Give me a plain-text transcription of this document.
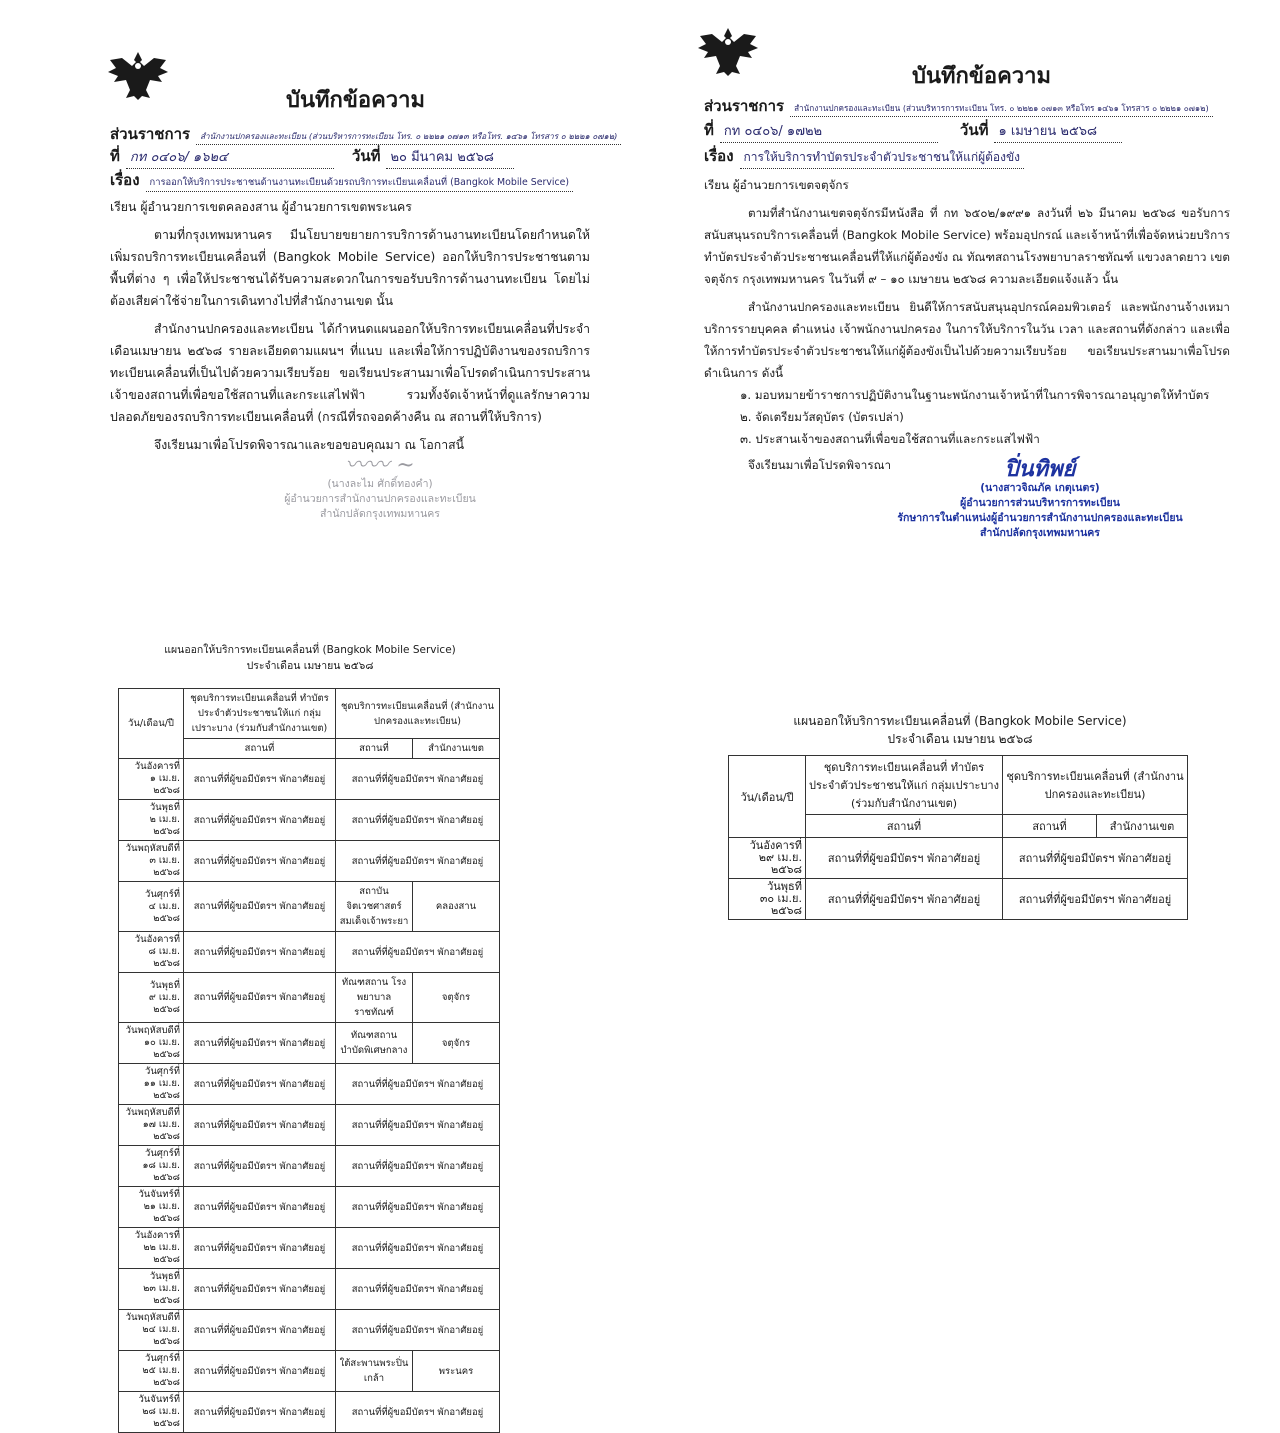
บันทึกข้อความ
ส่วนราชการ	สำนักงานปกครองและทะเบียน (ส่วนบริหารการทะเบียน โทร. ๐ ๒๒๒๑ ๐๗๑๓ หรือโทร. ๑๔๖๑ โทรสาร ๐ ๒๒๒๑ ๐๗๑๒)
ที่ กท ๐๔๐๖/ ๑๖๒๔	วันที่ ๒๐ มีนาคม ๒๕๖๘
เรื่อง	การออกให้บริการประชาชนด้านงานทะเบียนด้วยรถบริการทะเบียนเคลื่อนที่ (Bangkok Mobile Service)

เรียน ผู้อำนวยการเขตคลองสาน ผู้อำนวยการเขตพระนคร

ตามที่กรุงเทพมหานคร มีนโยบายขยายการบริการด้านงานทะเบียนโดยกำหนดให้เพิ่มรถบริการทะเบียนเคลื่อนที่ (Bangkok Mobile Service) ออกให้บริการประชาชนตามพื้นที่ต่าง ๆ เพื่อให้ประชาชนได้รับความสะดวกในการขอรับบริการด้านงานทะเบียน โดยไม่ต้องเสียค่าใช้จ่ายในการเดินทางไปที่สำนักงานเขต นั้น

สำนักงานปกครองและทะเบียน ได้กำหนดแผนออกให้บริการทะเบียนเคลื่อนที่ประจำเดือนเมษายน ๒๕๖๘ รายละเอียดตามแผนฯ ที่แนบ และเพื่อให้การปฏิบัติงานของรถบริการทะเบียนเคลื่อนที่เป็นไปด้วยความเรียบร้อย ขอเรียนประสานมาเพื่อโปรดดำเนินการประสานเจ้าของสถานที่เพื่อขอใช้สถานที่และกระแสไฟฟ้า รวมทั้งจัดเจ้าหน้าที่ดูแลรักษาความปลอดภัยของรถบริการทะเบียนเคลื่อนที่ (กรณีที่รถจอดค้างคืน ณ สถานที่ให้บริการ)

จึงเรียนมาเพื่อโปรดพิจารณาและขอขอบคุณมา ณ โอกาสนี้

〰〰 ~
(นางละไม ศักดิ์ทองคำ)
ผู้อำนวยการสำนักงานปกครองและทะเบียน
สำนักปลัดกรุงเทพมหานคร
บันทึกข้อความ
ส่วนราชการ	สำนักงานปกครองและทะเบียน (ส่วนบริหารการทะเบียน โทร. ๐ ๒๒๒๑ ๐๗๑๓ หรือโทร ๑๔๖๑ โทรสาร ๐ ๒๒๒๑ ๐๗๑๒)
ที่ กท ๐๔๐๖/ ๑๗๒๒	วันที่ ๑ เมษายน ๒๕๖๘
เรื่อง การให้บริการทำบัตรประจำตัวประชาชนให้แก่ผู้ต้องขัง

เรียน ผู้อำนวยการเขตจตุจักร

ตามที่สำนักงานเขตจตุจักรมีหนังสือ ที่ กท ๖๕๐๒/๑๙๙๑ ลงวันที่ ๒๖ มีนาคม ๒๕๖๘ ขอรับการสนับสนุนรถบริการเคลื่อนที่ (Bangkok Mobile Service) พร้อมอุปกรณ์ และเจ้าหน้าที่เพื่อจัดหน่วยบริการทำบัตรประจำตัวประชาชนเคลื่อนที่ให้แก่ผู้ต้องขัง ณ ทัณฑสถานโรงพยาบาลราชทัณฑ์ แขวงลาดยาว เขตจตุจักร กรุงเทพมหานคร ในวันที่ ๙ – ๑๐ เมษายน ๒๕๖๘ ความละเอียดแจ้งแล้ว นั้น

สำนักงานปกครองและทะเบียน ยินดีให้การสนับสนุนอุปกรณ์คอมพิวเตอร์ และพนักงานจ้างเหมาบริการรายบุคคล ตำแหน่ง เจ้าพนักงานปกครอง ในการให้บริการในวัน เวลา และสถานที่ดังกล่าว และเพื่อให้การทำบัตรประจำตัวประชาชนให้แก่ผู้ต้องขังเป็นไปด้วยความเรียบร้อย ขอเรียนประสานมาเพื่อโปรดดำเนินการ ดังนี้

๑. มอบหมายข้าราชการปฏิบัติงานในฐานะพนักงานเจ้าหน้าที่ในการพิจารณาอนุญาตให้ทำบัตร
๒. จัดเตรียมวัสดุบัตร (บัตรเปล่า)
๓. ประสานเจ้าของสถานที่เพื่อขอใช้สถานที่และกระแสไฟฟ้า

จึงเรียนมาเพื่อโปรดพิจารณา	ปิ่นทิพย์
(นางสาวจิณภัค เกตุเนตร)
ผู้อำนวยการส่วนบริหารการทะเบียน
รักษาการในตำแหน่งผู้อำนวยการสำนักงานปกครองและทะเบียน
สำนักปลัดกรุงเทพมหานคร
แผนออกให้บริการทะเบียนเคลื่อนที่ (Bangkok Mobile Service)
ประจำเดือน เมษายน ๒๕๖๘
วัน/เดือน/ปี	ชุดบริการทะเบียนเคลื่อนที่ ทำบัตรประจำตัวประชาชนให้แก่ กลุ่มเปราะบาง (ร่วมกับสำนักงานเขต)	ชุดบริการทะเบียนเคลื่อนที่ (สำนักงานปกครองและทะเบียน)	
	สถานที่	สถานที่	สำนักงานเขต

วันอังคารที่
๑ เม.ย. ๒๕๖๘	สถานที่ที่ผู้ขอมีบัตรฯ พักอาศัยอยู่	สถานที่ที่ผู้ขอมีบัตรฯ พักอาศัยอยู่	

วันพุธที่
๒ เม.ย. ๒๕๖๘	สถานที่ที่ผู้ขอมีบัตรฯ พักอาศัยอยู่	สถานที่ที่ผู้ขอมีบัตรฯ พักอาศัยอยู่	

วันพฤหัสบดีที่
๓ เม.ย. ๒๕๖๘	สถานที่ที่ผู้ขอมีบัตรฯ พักอาศัยอยู่	สถานที่ที่ผู้ขอมีบัตรฯ พักอาศัยอยู่	

วันศุกร์ที่
๔ เม.ย. ๒๕๖๘	สถานที่ที่ผู้ขอมีบัตรฯ พักอาศัยอยู่	สถาบันจิตเวชศาสตร์ สมเด็จเจ้าพระยา	คลองสาน

วันอังคารที่
๘ เม.ย. ๒๕๖๘	สถานที่ที่ผู้ขอมีบัตรฯ พักอาศัยอยู่	สถานที่ที่ผู้ขอมีบัตรฯ พักอาศัยอยู่	

วันพุธที่
๙ เม.ย. ๒๕๖๘	สถานที่ที่ผู้ขอมีบัตรฯ พักอาศัยอยู่	ทัณฑสถาน โรงพยาบาลราชทัณฑ์	จตุจักร

วันพฤหัสบดีที่
๑๐ เม.ย. ๒๕๖๘	สถานที่ที่ผู้ขอมีบัตรฯ พักอาศัยอยู่	ทัณฑสถาน บำบัดพิเศษกลาง	จตุจักร

วันศุกร์ที่
๑๑ เม.ย. ๒๕๖๘	สถานที่ที่ผู้ขอมีบัตรฯ พักอาศัยอยู่	สถานที่ที่ผู้ขอมีบัตรฯ พักอาศัยอยู่	

วันพฤหัสบดีที่
๑๗ เม.ย. ๒๕๖๘	สถานที่ที่ผู้ขอมีบัตรฯ พักอาศัยอยู่	สถานที่ที่ผู้ขอมีบัตรฯ พักอาศัยอยู่	

วันศุกร์ที่
๑๘ เม.ย. ๒๕๖๘	สถานที่ที่ผู้ขอมีบัตรฯ พักอาศัยอยู่	สถานที่ที่ผู้ขอมีบัตรฯ พักอาศัยอยู่	

วันจันทร์ที่
๒๑ เม.ย. ๒๕๖๘	สถานที่ที่ผู้ขอมีบัตรฯ พักอาศัยอยู่	สถานที่ที่ผู้ขอมีบัตรฯ พักอาศัยอยู่	

วันอังคารที่
๒๒ เม.ย. ๒๕๖๘	สถานที่ที่ผู้ขอมีบัตรฯ พักอาศัยอยู่	สถานที่ที่ผู้ขอมีบัตรฯ พักอาศัยอยู่	

วันพุธที่
๒๓ เม.ย. ๒๕๖๘	สถานที่ที่ผู้ขอมีบัตรฯ พักอาศัยอยู่	สถานที่ที่ผู้ขอมีบัตรฯ พักอาศัยอยู่	

วันพฤหัสบดีที่
๒๔ เม.ย. ๒๕๖๘	สถานที่ที่ผู้ขอมีบัตรฯ พักอาศัยอยู่	สถานที่ที่ผู้ขอมีบัตรฯ พักอาศัยอยู่	

วันศุกร์ที่
๒๕ เม.ย. ๒๕๖๘	สถานที่ที่ผู้ขอมีบัตรฯ พักอาศัยอยู่	ใต้สะพานพระปิ่นเกล้า	พระนคร

วันจันทร์ที่
๒๘ เม.ย. ๒๕๖๘	สถานที่ที่ผู้ขอมีบัตรฯ พักอาศัยอยู่	สถานที่ที่ผู้ขอมีบัตรฯ พักอาศัยอยู่	
แผนออกให้บริการทะเบียนเคลื่อนที่ (Bangkok Mobile Service)
ประจำเดือน เมษายน ๒๕๖๘
วัน/เดือน/ปี	ชุดบริการทะเบียนเคลื่อนที่ ทำบัตรประจำตัวประชาชนให้แก่ กลุ่มเปราะบาง (ร่วมกับสำนักงานเขต)	ชุดบริการทะเบียนเคลื่อนที่ (สำนักงานปกครองและทะเบียน)	
	สถานที่	สถานที่	สำนักงานเขต

วันอังคารที่
๒๙ เม.ย. ๒๕๖๘	สถานที่ที่ผู้ขอมีบัตรฯ พักอาศัยอยู่	สถานที่ที่ผู้ขอมีบัตรฯ พักอาศัยอยู่	

วันพุธที่
๓๐ เม.ย. ๒๕๖๘	สถานที่ที่ผู้ขอมีบัตรฯ พักอาศัยอยู่	สถานที่ที่ผู้ขอมีบัตรฯ พักอาศัยอยู่	
